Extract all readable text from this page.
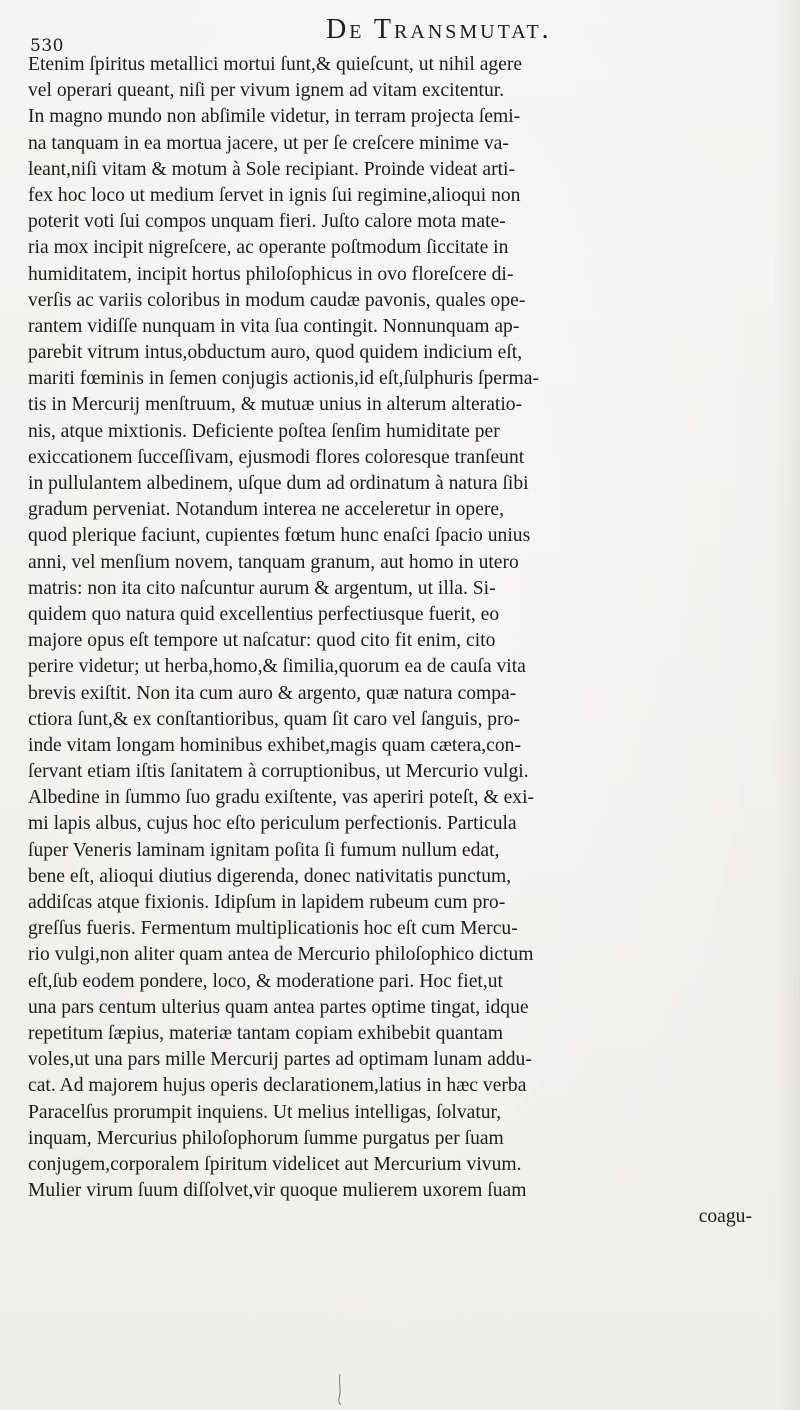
530
De Transmutat.
Etenim ſpiritus metallici mortui ſunt,& quieſcunt, ut nihil agere
vel operari queant, niſi per vivum ignem ad vitam excitentur.
In magno mundo non abſimile videtur, in terram projecta ſemi-
na tanquam in ea mortua jacere, ut per ſe creſcere minime va-
leant,niſi vitam & motum à Sole recipiant. Proinde videat arti-
fex hoc loco ut medium ſervet in ignis ſui regimine,alioqui non
poterit voti ſui compos unquam fieri. Juſto calore mota mate-
ria mox incipit nigreſcere, ac operante poſtmodum ſiccitate in
humiditatem, incipit hortus philoſophicus in ovo floreſcere di-
verſis ac variis coloribus in modum caudæ pavonis, quales ope-
rantem vidiſſe nunquam in vita ſua contingit. Nonnunquam ap-
parebit vitrum intus,obductum auro, quod quidem indicium eſt,
mariti fœminis in ſemen conjugis actionis,id eſt,ſulphuris ſperma-
tis in Mercurij menſtruum, & mutuæ unius in alterum alteratio-
nis, atque mixtionis. Deficiente poſtea ſenſim humiditate per
exiccationem ſucceſſivam, ejusmodi flores coloresque tranſeunt
in pullulantem albedinem, uſque dum ad ordinatum à natura ſibi
gradum perveniat. Notandum interea ne acceleretur in opere,
quod plerique faciunt, cupientes fœtum hunc enaſci ſpacio unius
anni, vel menſium novem, tanquam granum, aut homo in utero
matris: non ita cito naſcuntur aurum & argentum, ut illa. Si-
quidem quo natura quid excellentius perfectiusque fuerit, eo
majore opus eſt tempore ut naſcatur: quod cito fit enim, cito
perire videtur; ut herba,homo,& ſimilia,quorum ea de cauſa vita
brevis exiſtit. Non ita cum auro & argento, quæ natura compa-
ctiora ſunt,& ex conſtantioribus, quam ſit caro vel ſanguis, pro-
inde vitam longam hominibus exhibet,magis quam cætera,con-
ſervant etiam iſtis ſanitatem à corruptionibus, ut Mercurio vulgi.
Albedine in ſummo ſuo gradu exiſtente, vas aperiri poteſt, & exi-
mi lapis albus, cujus hoc eſto periculum perfectionis. Particula
ſuper Veneris laminam ignitam poſita ſi fumum nullum edat,
bene eſt, alioqui diutius digerenda, donec nativitatis punctum,
addiſcas atque fixionis. Idipſum in lapidem rubeum cum pro-
greſſus fueris. Fermentum multiplicationis hoc eſt cum Mercu-
rio vulgi,non aliter quam antea de Mercurio philoſophico dictum
eſt,ſub eodem pondere, loco, & moderatione pari. Hoc fiet,ut
una pars centum ulterius quam antea partes optime tingat, idque
repetitum ſæpius, materiæ tantam copiam exhibebit quantam
voles,ut una pars mille Mercurij partes ad optimam lunam addu-
cat. Ad majorem hujus operis declarationem,latius in hæc verba
Paracelſus prorumpit inquiens. Ut melius intelligas, ſolvatur,
inquam, Mercurius philoſophorum ſumme purgatus per ſuam
conjugem,corporalem ſpiritum videlicet aut Mercurium vivum.
Mulier virum ſuum diſſolvet,vir quoque mulierem uxorem ſuam
coagu-
